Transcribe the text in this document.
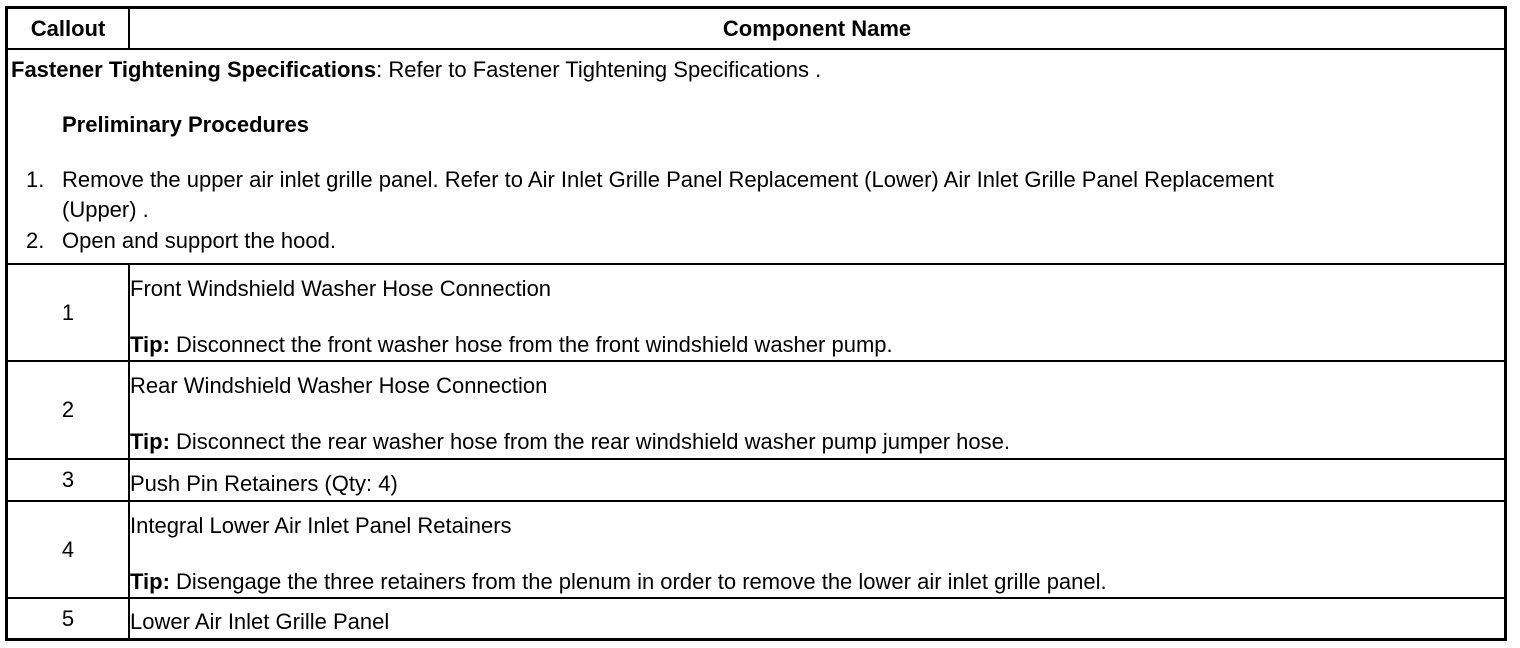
Callout	Component Name

Fastener Tightening Specifications: Refer to Fastener Tightening Specifications .
Preliminary Procedures
1. Remove the upper air inlet grille panel. Refer to Air Inlet Grille Panel Replacement (Lower) Air Inlet Grille Panel Replacement
(Upper) .
2. Open and support the hood.	

1	Front Windshield Washer Hose Connection
Tip: Disconnect the front washer hose from the front windshield washer pump.

2	Rear Windshield Washer Hose Connection
Tip: Disconnect the rear washer hose from the rear windshield washer pump jumper hose.

3	Push Pin Retainers (Qty: 4)

4	Integral Lower Air Inlet Panel Retainers
Tip: Disengage the three retainers from the plenum in order to remove the lower air inlet grille panel.

5	Lower Air Inlet Grille Panel
